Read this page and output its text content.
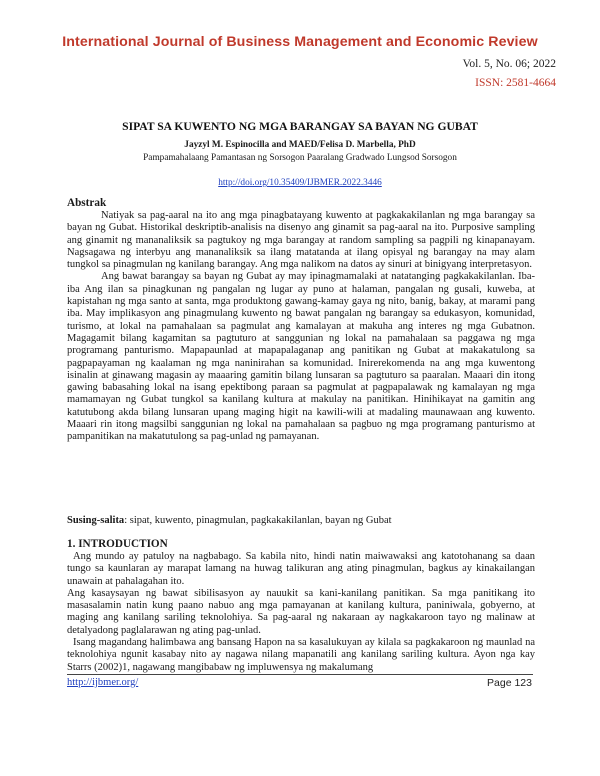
International Journal of Business Management and Economic Review
Vol. 5, No. 06; 2022
ISSN: 2581-4664
SIPAT SA KUWENTO NG MGA BARANGAY SA BAYAN NG GUBAT
Jayzyl M. Espinocilla and MAED/Felisa D. Marbella, PhD
Pampamahalaang Pamantasan ng Sorsogon Paaralang Gradwado Lungsod Sorsogon
http://doi.org/10.35409/IJBMER.2022.3446
Abstrak

Natiyak sa pag-aaral na ito ang mga pinagbatayang kuwento at pagkakakilanlan ng mga barangay sa bayan ng Gubat. Historikal deskriptib-analisis na disenyo ang ginamit sa pag-aaral na ito. Purposive sampling ang ginamit ng mananaliksik sa pagtukoy ng mga barangay at random sampling sa pagpili ng kinapanayam. Nagsagawa ng interbyu ang mananaliksik sa ilang matatanda at ilang opisyal ng barangay na may alam tungkol sa pinagmulan ng kanilang barangay. Ang mga nalikom na datos ay sinuri at binigyang interpretasyon.

Ang bawat barangay sa bayan ng Gubat ay may ipinagmamalaki at natatanging pagkakakilanlan. Iba-iba Ang ilan sa pinagkunan ng pangalan ng lugar ay puno at halaman, pangalan ng gusali, kuweba, at kapistahan ng mga santo at santa, mga produktong gawang-kamay gaya ng nito, banig, bakay, at marami pang iba. May implikasyon ang pinagmulang kuwento ng bawat pangalan ng barangay sa edukasyon, komunidad, turismo, at lokal na pamahalaan sa pagmulat ang kamalayan at makuha ang interes ng mga Gubatnon. Magagamit bilang kagamitan sa pagtuturo at sanggunian ng lokal na pamahalaan sa paggawa ng mga programang panturismo. Mapapaunlad at mapapalaganap ang panitikan ng Gubat at makakatulong sa pagpapayaman ng kaalaman ng mga naninirahan sa komunidad. Inirerekomenda na ang mga kuwentong isinalin at ginawang magasin ay maaaring gamitin bilang lunsaran sa pagtuturo sa paaralan. Maaari din itong gawing babasahing lokal na isang epektibong paraan sa pagmulat at pagpapalawak ng kamalayan ng mga mamamayan ng Gubat tungkol sa kanilang kultura at makulay na panitikan. Hinihikayat na gamitin ang katutubong akda bilang lunsaran upang maging higit na kawili-wili at madaling maunawaan ang kuwento. Maaari rin itong magsilbi sanggunian ng lokal na pamahalaan sa pagbuo ng mga programang panturismo at pampanitikan na makatutulong sa pag-unlad ng pamayanan.

Susing-salita: sipat, kuwento, pinagmulan, pagkakakilanlan, bayan ng Gubat
1. INTRODUCTION

Ang mundo ay patuloy na nagbabago. Sa kabila nito, hindi natin maiwawaksi ang katotohanang sa daan tungo sa kaunlaran ay marapat lamang na huwag talikuran ang ating pinagmulan, bagkus ay kinakailangan unawain at pahalagahan ito.

Ang kasaysayan ng bawat sibilisasyon ay nauukit sa kani-kanilang panitikan. Sa mga panitikang ito masasalamin natin kung paano nabuo ang mga pamayanan at kanilang kultura, paniniwala, gobyerno, at maging ang kanilang sariling teknolohiya. Sa pag-aaral ng nakaraan ay nagkakaroon tayo ng malinaw at detalyadong paglalarawan ng ating pag-unlad.

Isang magandang halimbawa ang bansang Hapon na sa kasalukuyan ay kilala sa pagkakaroon ng maunlad na teknolohiya ngunit kasabay nito ay nagawa nilang mapanatili ang kanilang sariling kultura. Ayon nga kay Starrs (2002)1, nagawang mangibabaw ng impluwensya ng makalumang

http://ijbmer.org/	Page 123
